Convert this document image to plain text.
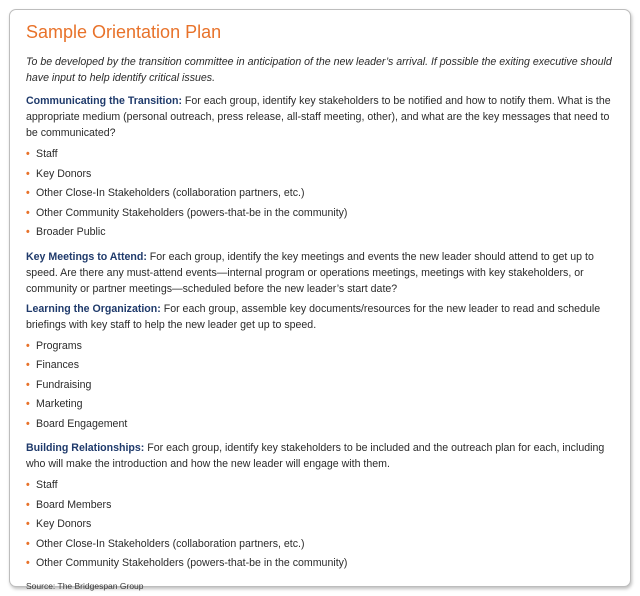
Sample Orientation Plan

To be developed by the transition committee in anticipation of the new leader’s arrival. If possible the exiting executive should have input to help identify critical issues.

Communicating the Transition: For each group, identify key stakeholders to be notified and how to notify them. What is the appropriate medium (personal outreach, press release, all-staff meeting, other), and what are the key messages that need to be communicated?

• Staff
• Key Donors
• Other Close-In Stakeholders (collaboration partners, etc.)
• Other Community Stakeholders (powers-that-be in the community)
• Broader Public

Key Meetings to Attend: For each group, identify the key meetings and events the new leader should attend to get up to speed. Are there any must-attend events—internal program or operations meetings, meetings with key stakeholders, or community or partner meetings—scheduled before the new leader’s start date?

Learning the Organization: For each group, assemble key documents/resources for the new leader to read and schedule briefings with key staff to help the new leader get up to speed.

• Programs
• Finances
• Fundraising
• Marketing
• Board Engagement

Building Relationships: For each group, identify key stakeholders to be included and the outreach plan for each, including who will make the introduction and how the new leader will engage with them.

• Staff
• Board Members
• Key Donors
• Other Close-In Stakeholders (collaboration partners, etc.)
• Other Community Stakeholders (powers-that-be in the community)
Source: The Bridgespan Group
